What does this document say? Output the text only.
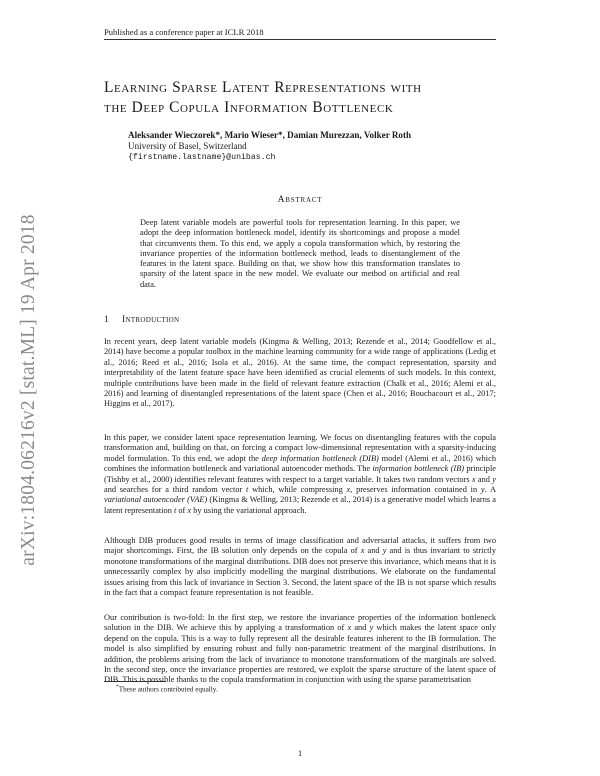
Published as a conference paper at ICLR 2018
arXiv:1804.06216v2 [stat.ML] 19 Apr 2018
Learning Sparse Latent Representations with
the Deep Copula Information Bottleneck
Aleksander Wieczorek*, Mario Wieser*, Damian Murezzan, Volker Roth
University of Basel, Switzerland
{firstname.lastname}@unibas.ch
Abstract
Deep latent variable models are powerful tools for representation learning. In this paper, we adopt the deep information bottleneck model, identify its shortcomings and propose a model that circumvents them. To this end, we apply a copula transformation which, by restoring the invariance properties of the information bottleneck method, leads to disentanglement of the features in the latent space. Building on that, we show how this transformation translates to sparsity of the latent space in the new model. We evaluate our method on artificial and real data.
1 Introduction

In recent years, deep latent variable models (Kingma & Welling, 2013; Rezende et al., 2014; Goodfellow et al., 2014) have become a popular toolbox in the machine learning community for a wide range of applications (Ledig et al., 2016; Reed et al., 2016; Isola et al., 2016). At the same time, the compact representation, sparsity and interpretability of the latent feature space have been identified as crucial elements of such models. In this context, multiple contributions have been made in the field of relevant feature extraction (Chalk et al., 2016; Alemi et al., 2016) and learning of disentangled representations of the latent space (Chen et al., 2016; Bouchacourt et al., 2017; Higgins et al., 2017).

In this paper, we consider latent space representation learning. We focus on disentangling features with the copula transformation and, building on that, on forcing a compact low-dimensional representation with a sparsity-inducing model formulation. To this end, we adopt the deep information bottleneck (DIB) model (Alemi et al., 2016) which combines the information bottleneck and variational autoencoder methods. The information bottleneck (IB) principle (Tishby et al., 2000) identifies relevant features with respect to a target variable. It takes two random vectors x and y and searches for a third random vector t which, while compressing x, preserves information contained in y. A variational autoencoder (VAE) (Kingma & Welling, 2013; Rezende et al., 2014) is a generative model which learns a latent representation t of x by using the variational approach.

Although DIB produces good results in terms of image classification and adversarial attacks, it suffers from two major shortcomings. First, the IB solution only depends on the copula of x and y and is thus invariant to strictly monotone transformations of the marginal distributions. DIB does not preserve this invariance, which means that it is unnecessarily complex by also implicitly modelling the marginal distributions. We elaborate on the fundamental issues arising from this lack of invariance in Section 3. Second, the latent space of the IB is not sparse which results in the fact that a compact feature representation is not feasible.

Our contribution is two-fold: In the first step, we restore the invariance properties of the information bottleneck solution in the DIB. We achieve this by applying a transformation of x and y which makes the latent space only depend on the copula. This is a way to fully represent all the desirable features inherent to the IB formulation. The model is also simplified by ensuring robust and fully non-parametric treatment of the marginal distributions. In addition, the problems arising from the lack of invariance to monotone transformations of the marginals are solved. In the second step, once the invariance properties are restored, we exploit the sparse structure of the latent space of DIB. This is possible thanks to the copula transformation in conjunction with using the sparse parametrisation

*These authors contributed equally.
1
